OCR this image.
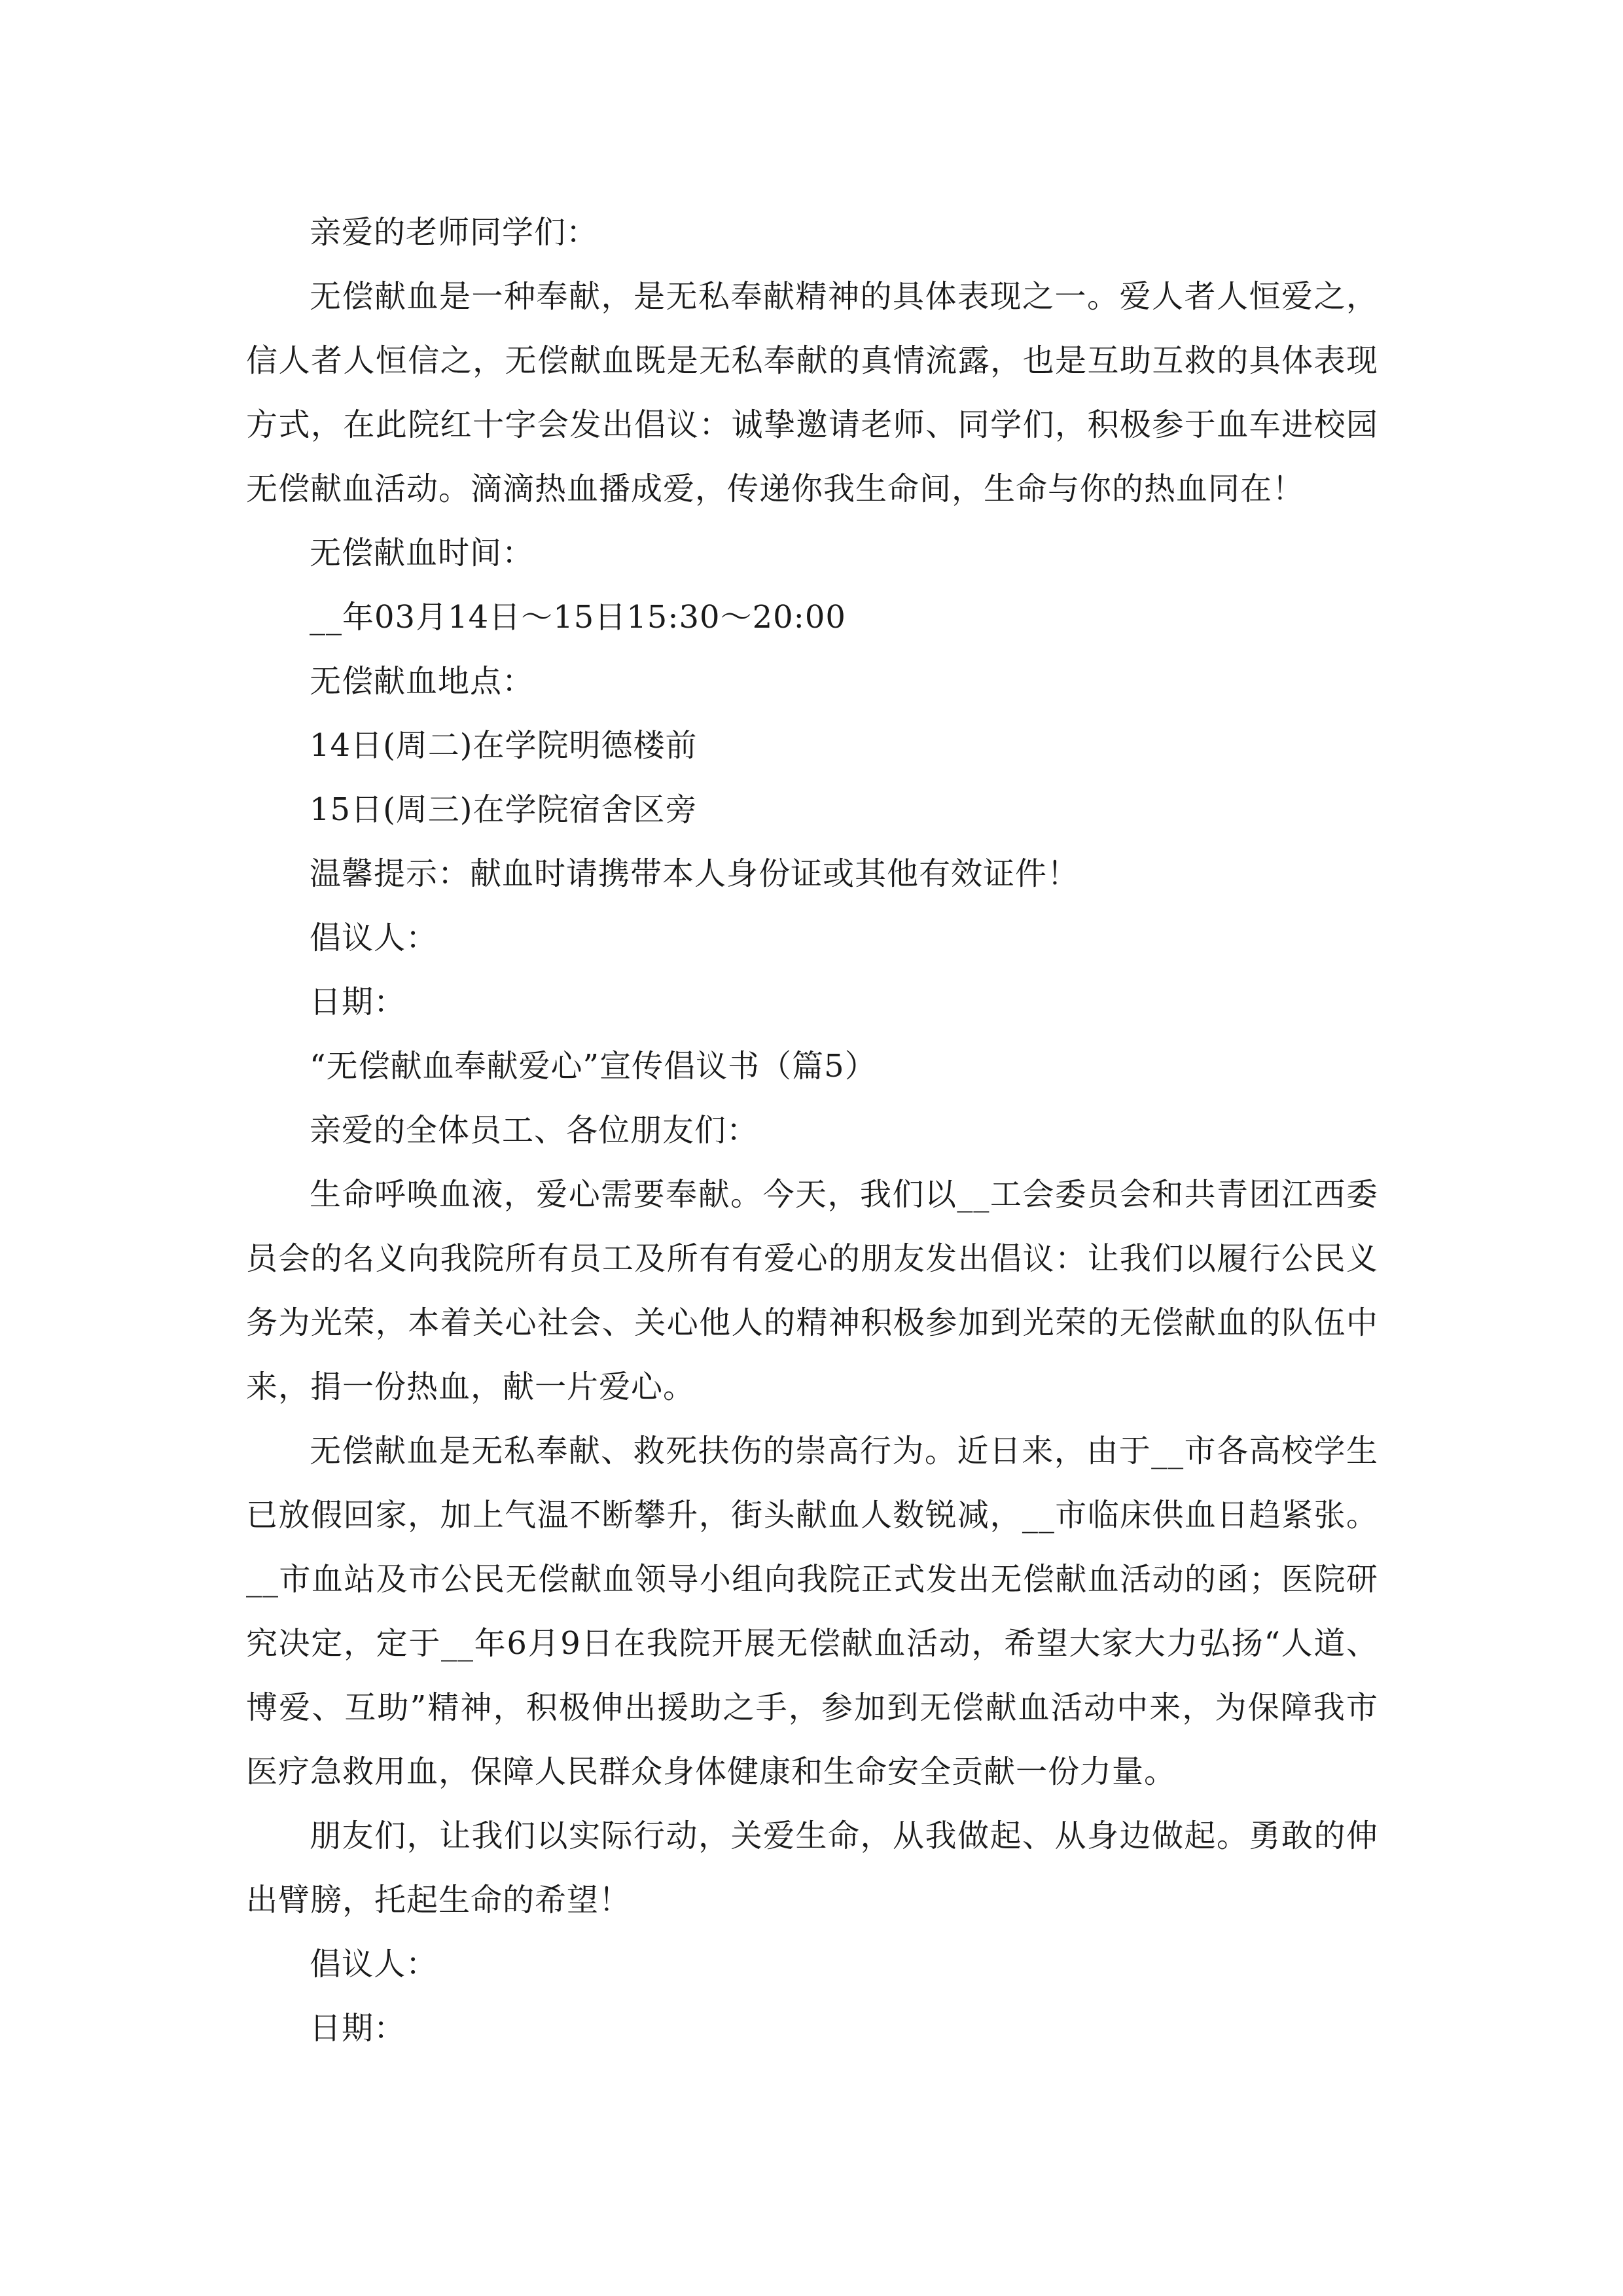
亲爱的老师同学们：

无偿献血是一种奉献，是无私奉献精神的具体表现之一。爱人者人恒爱之，信人者人恒信之，无偿献血既是无私奉献的真情流露，也是互助互救的具体表现方式，在此院红十字会发出倡议：诚挚邀请老师、同学们，积极参于血车进校园无偿献血活动。滴滴热血播成爱，传递你我生命间，生命与你的热血同在！

无偿献血时间：

__年03月14日～15日15:30～20:00

无偿献血地点：

14日(周二)在学院明德楼前

15日(周三)在学院宿舍区旁

温馨提示：献血时请携带本人身份证或其他有效证件！

倡议人：

日期：

“无偿献血奉献爱心”宣传倡议书（篇5）

亲爱的全体员工、各位朋友们：

生命呼唤血液，爱心需要奉献。今天，我们以__工会委员会和共青团江西委员会的名义向我院所有员工及所有有爱心的朋友发出倡议：让我们以履行公民义务为光荣，本着关心社会、关心他人的精神积极参加到光荣的无偿献血的队伍中来，捐一份热血，献一片爱心。

无偿献血是无私奉献、救死扶伤的崇高行为。近日来，由于__市各高校学生已放假回家，加上气温不断攀升，街头献血人数锐减，__市临床供血日趋紧张。__市血站及市公民无偿献血领导小组向我院正式发出无偿献血活动的函；医院研究决定，定于__年6月9日在我院开展无偿献血活动，希望大家大力弘扬“人道、博爱、互助”精神，积极伸出援助之手，参加到无偿献血活动中来，为保障我市医疗急救用血，保障人民群众身体健康和生命安全贡献一份力量。

朋友们，让我们以实际行动，关爱生命，从我做起、从身边做起。勇敢的伸出臂膀，托起生命的希望！

倡议人：

日期：
